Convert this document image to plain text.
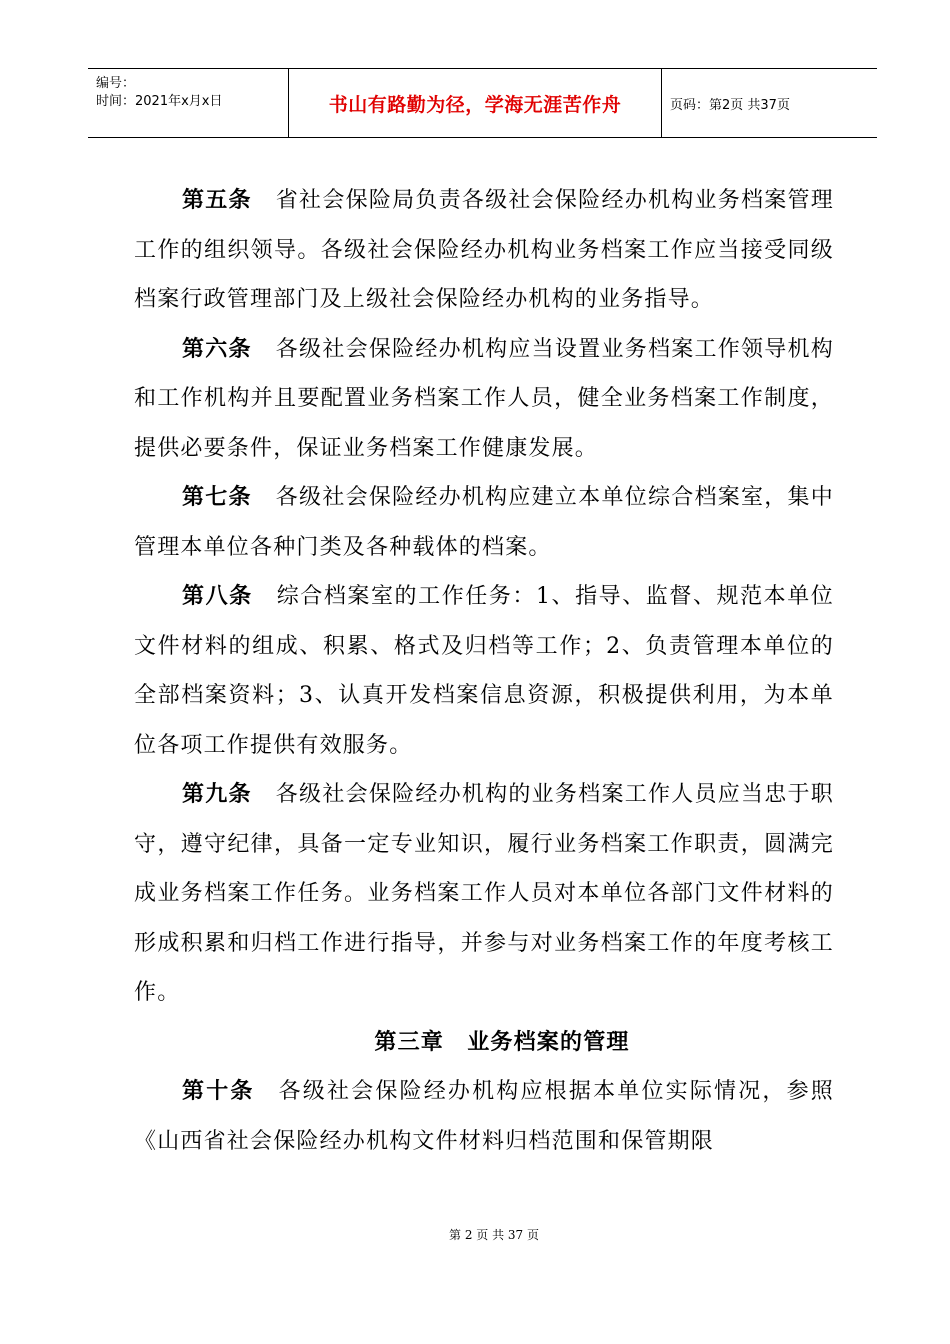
编号：
时间：2021年x月x日	书山有路勤为径，学海无涯苦作舟	页码：第2页 共37页

第五条 省社会保险局负责各级社会保险经办机构业务档案管理工作的组织领导。各级社会保险经办机构业务档案工作应当接受同级档案行政管理部门及上级社会保险经办机构的业务指导。

第六条 各级社会保险经办机构应当设置业务档案工作领导机构和工作机构并且要配置业务档案工作人员，健全业务档案工作制度，提供必要条件，保证业务档案工作健康发展。

第七条 各级社会保险经办机构应建立本单位综合档案室，集中管理本单位各种门类及各种载体的档案。

第八条 综合档案室的工作任务：1、指导、监督、规范本单位文件材料的组成、积累、格式及归档等工作；2、负责管理本单位的全部档案资料；3、认真开发档案信息资源，积极提供利用，为本单位各项工作提供有效服务。

第九条 各级社会保险经办机构的业务档案工作人员应当忠于职守，遵守纪律，具备一定专业知识，履行业务档案工作职责，圆满完成业务档案工作任务。业务档案工作人员对本单位各部门文件材料的形成积累和归档工作进行指导，并参与对业务档案工作的年度考核工作。

第三章　业务档案的管理

第十条 各级社会保险经办机构应根据本单位实际情况，参照《山西省社会保险经办机构文件材料归档范围和保管期限

第 2 页 共 37 页
